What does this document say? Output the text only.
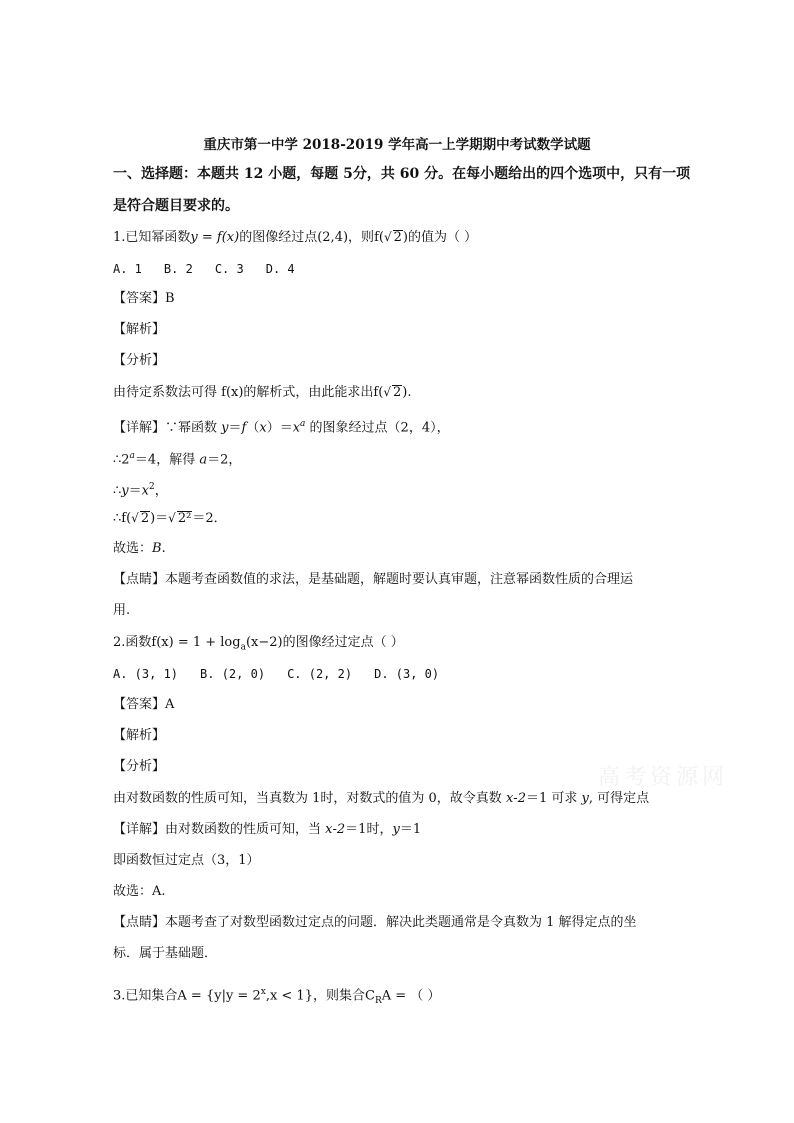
重庆市第一中学 2018-2019 学年高一上学期期中考试数学试题
一、选择题：本题共 12 小题，每题 5分，共 60 分。在每小题给出的四个选项中，只有一项
是符合题目要求的。
1.已知幂函数y = f(x)的图像经过点(2,4)，则f(√ 2)的值为（ ）
A. 1 B. 2 C. 3 D. 4
【答案】B
【解析】
【分析】
由待定系数法可得 f(x)的解析式，由此能求出f(√ 2).
【详解】∵幂函数 $y=f(x)=x^a$ 的图象经过点（2，4），
$\therefore 2^a=4$，解得 a＝2，
$\therefore y=x^2$，
∴f(√ 2)＝√ 2²＝2．
故选：B.
【点睛】本题考查函数值的求法，是基础题，解题时要认真审题，注意幂函数性质的合理运
用.
2.函数$f(x) = 1 + \log_a(x-2)$的图像经过定点（ ）
A. (3, 1) B. (2, 0) C. (2, 2) D. (3, 0)
【答案】A
【解析】
【分析】
由对数函数的性质可知，当真数为 1时，对数式的值为 0，故令真数 x-2＝1 可求 y, 可得定点
【详解】由对数函数的性质可知，当 x-2＝1时，y＝1
即函数恒过定点（3，1）
故选：A.
【点睛】本题考查了对数型函数过定点的问题．解决此类题通常是令真数为 1 解得定点的坐
标．属于基础题．
3.已知集合$A = \{y|y = 2^x,x < 1\}$，则集合$C_RA$ = （ ）
高考资源网
